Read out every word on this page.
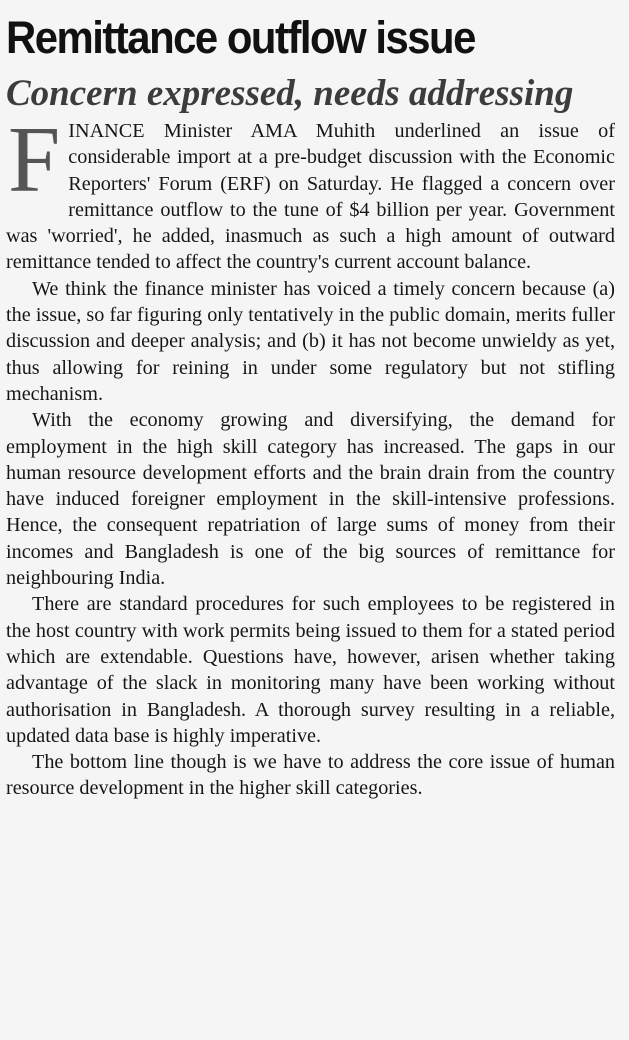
Remittance outflow issue
Concern expressed, needs addressing

FINANCE Minister AMA Muhith underlined an issue of considerable import at a pre-budget discussion with the Economic Reporters' Forum (ERF) on Saturday. He flagged a concern over remittance outflow to the tune of $4 billion per year. Government was 'worried', he added, inasmuch as such a high amount of outward remittance tended to affect the country's current account balance.

We think the finance minister has voiced a timely concern because (a) the issue, so far figuring only tentatively in the public domain, merits fuller discussion and deeper analysis; and (b) it has not become unwieldy as yet, thus allowing for reining in under some regulatory but not stifling mechanism.

With the economy growing and diversifying, the demand for employment in the high skill category has increased. The gaps in our human resource development efforts and the brain drain from the country have induced foreigner employment in the skill-intensive professions. Hence, the consequent repatriation of large sums of money from their incomes and Bangladesh is one of the big sources of remittance for neighbouring India.

There are standard procedures for such employees to be registered in the host country with work permits being issued to them for a stated period which are extendable. Questions have, however, arisen whether taking advantage of the slack in monitoring many have been working without authorisation in Bangladesh. A thorough survey resulting in a reliable, updated data base is highly imperative.

The bottom line though is we have to address the core issue of human resource development in the higher skill categories.
